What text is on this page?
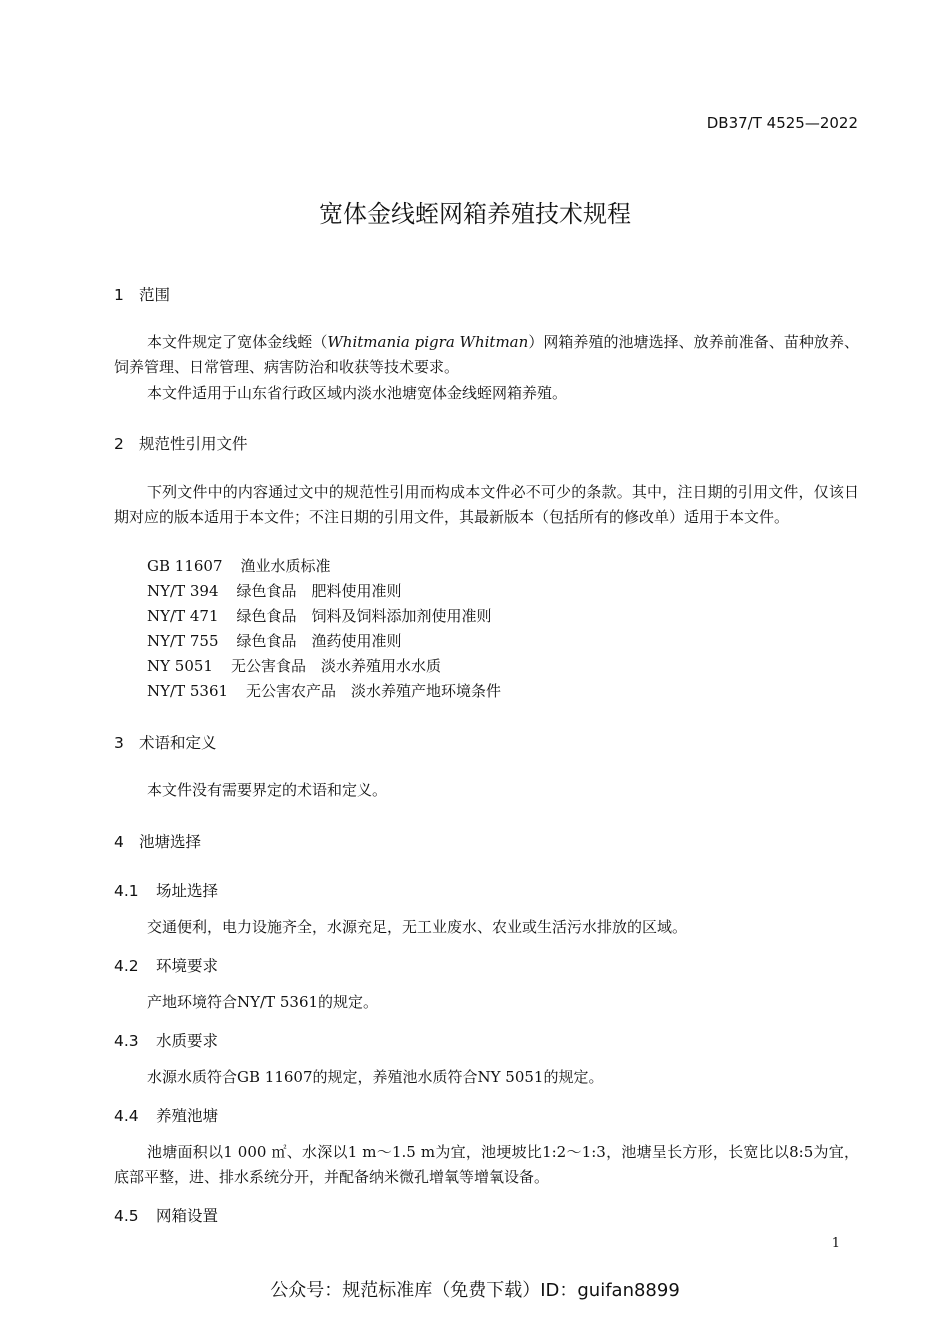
DB37/T 4525—2022
宽体金线蛭网箱养殖技术规程
1 范围
本文件规定了宽体金线蛭（Whitmania pigra Whitman）网箱养殖的池塘选择、放养前准备、苗种放养、饲养管理、日常管理、病害防治和收获等技术要求。
本文件适用于山东省行政区域内淡水池塘宽体金线蛭网箱养殖。
2 规范性引用文件
下列文件中的内容通过文中的规范性引用而构成本文件必不可少的条款。其中，注日期的引用文件，仅该日期对应的版本适用于本文件；不注日期的引用文件，其最新版本（包括所有的修改单）适用于本文件。
GB 11607 渔业水质标准
NY/T 394 绿色食品　肥料使用准则
NY/T 471 绿色食品　饲料及饲料添加剂使用准则
NY/T 755 绿色食品　渔药使用准则
NY 5051 无公害食品　淡水养殖用水水质
NY/T 5361 无公害农产品　淡水养殖产地环境条件
3 术语和定义
本文件没有需要界定的术语和定义。
4 池塘选择
4.1 场址选择
交通便利，电力设施齐全，水源充足，无工业废水、农业或生活污水排放的区域。
4.2 环境要求
产地环境符合NY/T 5361的规定。
4.3 水质要求
水源水质符合GB 11607的规定，养殖池水质符合NY 5051的规定。
4.4 养殖池塘
池塘面积以1 000 ㎡、水深以1 m～1.5 m为宜，池埂坡比1:2～1:3，池塘呈长方形，长宽比以8:5为宜，底部平整，进、排水系统分开，并配备纳米微孔增氧等增氧设备。
4.5 网箱设置
1
公众号：规范标准库（免费下载）ID：guifan8899
